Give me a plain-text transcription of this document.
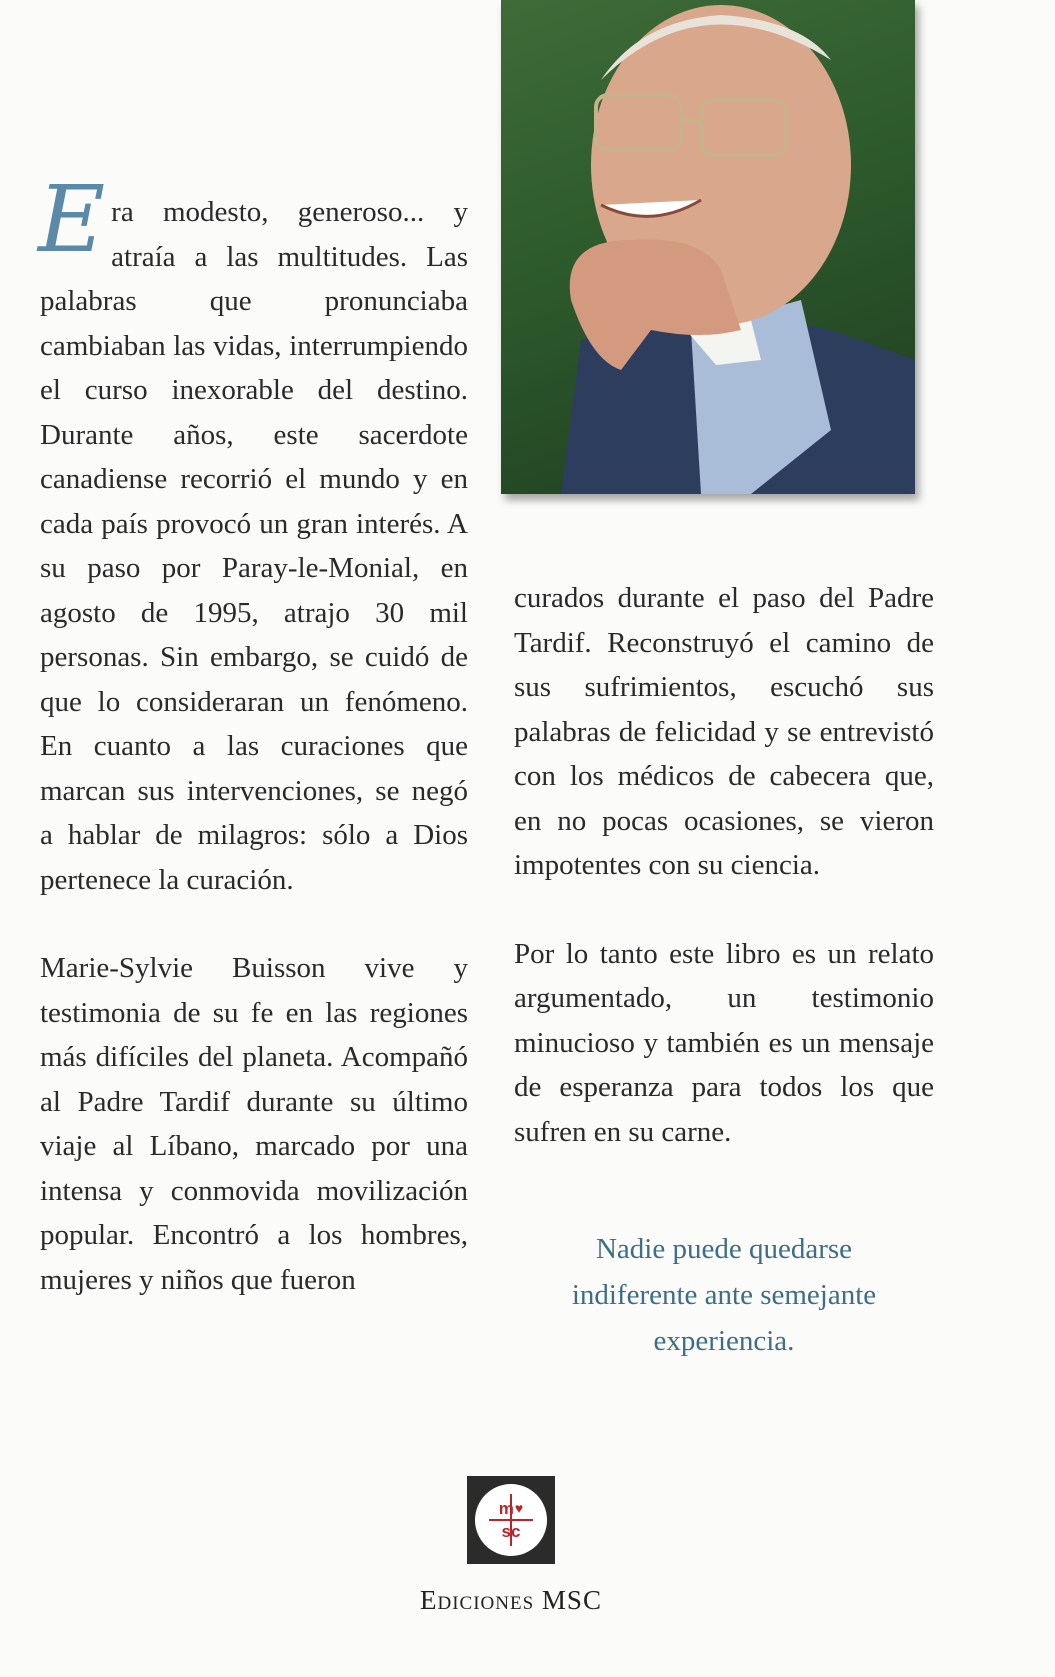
Era modesto, generoso... y atraía a las multitudes. Las palabras que pronunciaba cambiaban las vidas, interrumpiendo el curso inexorable del destino. Durante años, este sacerdote canadiense recorrió el mundo y en cada país provocó un gran interés. A su paso por Paray-le-Monial, en agosto de 1995, atrajo 30 mil personas. Sin embargo, se cuidó de que lo consideraran un fenómeno. En cuanto a las curaciones que marcan sus intervenciones, se negó a hablar de milagros: sólo a Dios pertenece la curación.

Marie-Sylvie Buisson vive y testimonia de su fe en las regiones más difíciles del planeta. Acompañó al Padre Tardif durante su último viaje al Líbano, marcado por una intensa y conmovida movilización popular. Encontró a los hombres, mujeres y niños que fueron

curados durante el paso del Padre Tardif. Reconstruyó el camino de sus sufrimientos, escuchó sus palabras de felicidad y se entrevistó con los médicos de cabecera que, en no pocas ocasiones, se vieron impotentes con su ciencia.

Por lo tanto este libro es un relato argumentado, un testimonio minucioso y también es un mensaje de esperanza para todos los que sufren en su carne.

Nadie puede quedarse
indiferente ante semejante
experiencia.
m ♥
sc
Ediciones MSC
